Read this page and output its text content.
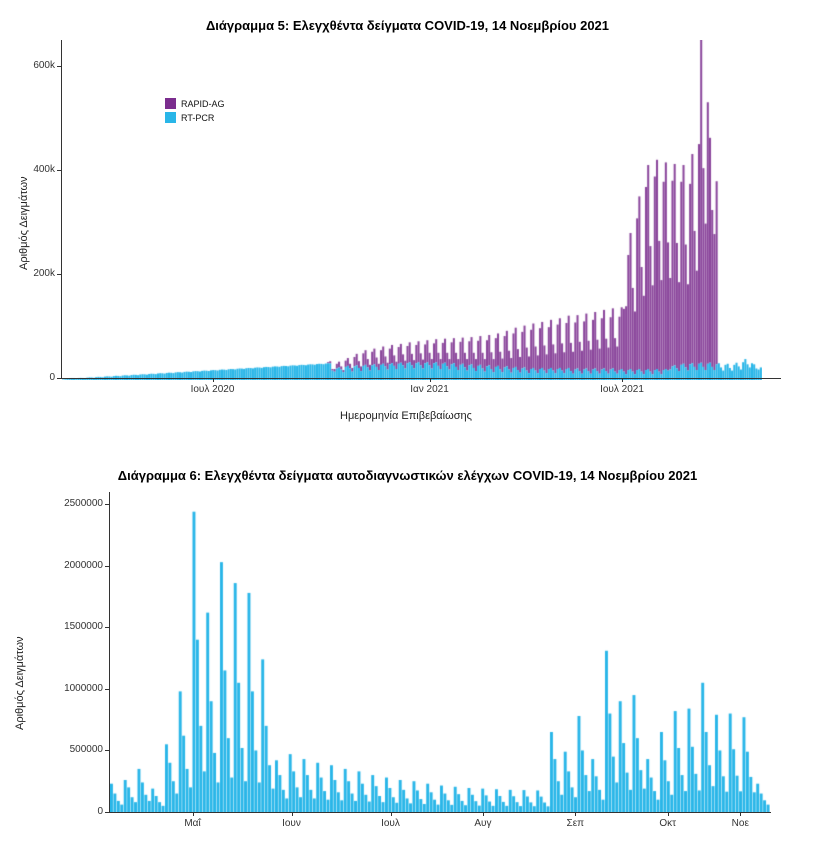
Διάγραμμα 5: Ελεγχθέντα δείγματα COVID-19, 14 Νοεμβρίου 2021
Αριθμός Δειγμάτων
0
200k
400k
600k
Ιουλ 2020	Ιαν 2021	Ιουλ 2021
RAPID-AG
RT-PCR
Ημερομηνία Επιβεβαίωσης
Διάγραμμα 6: Ελεγχθέντα δείγματα αυτοδιαγνωστικών ελέγχων COVID-19, 14 Νοεμβρίου 2021
Αριθμός Δειγμάτων
0
500000
1000000
1500000
2000000
2500000
Μαΐ	Ιουν	Ιουλ	Αυγ	Σεπ	Οκτ	Νοε
